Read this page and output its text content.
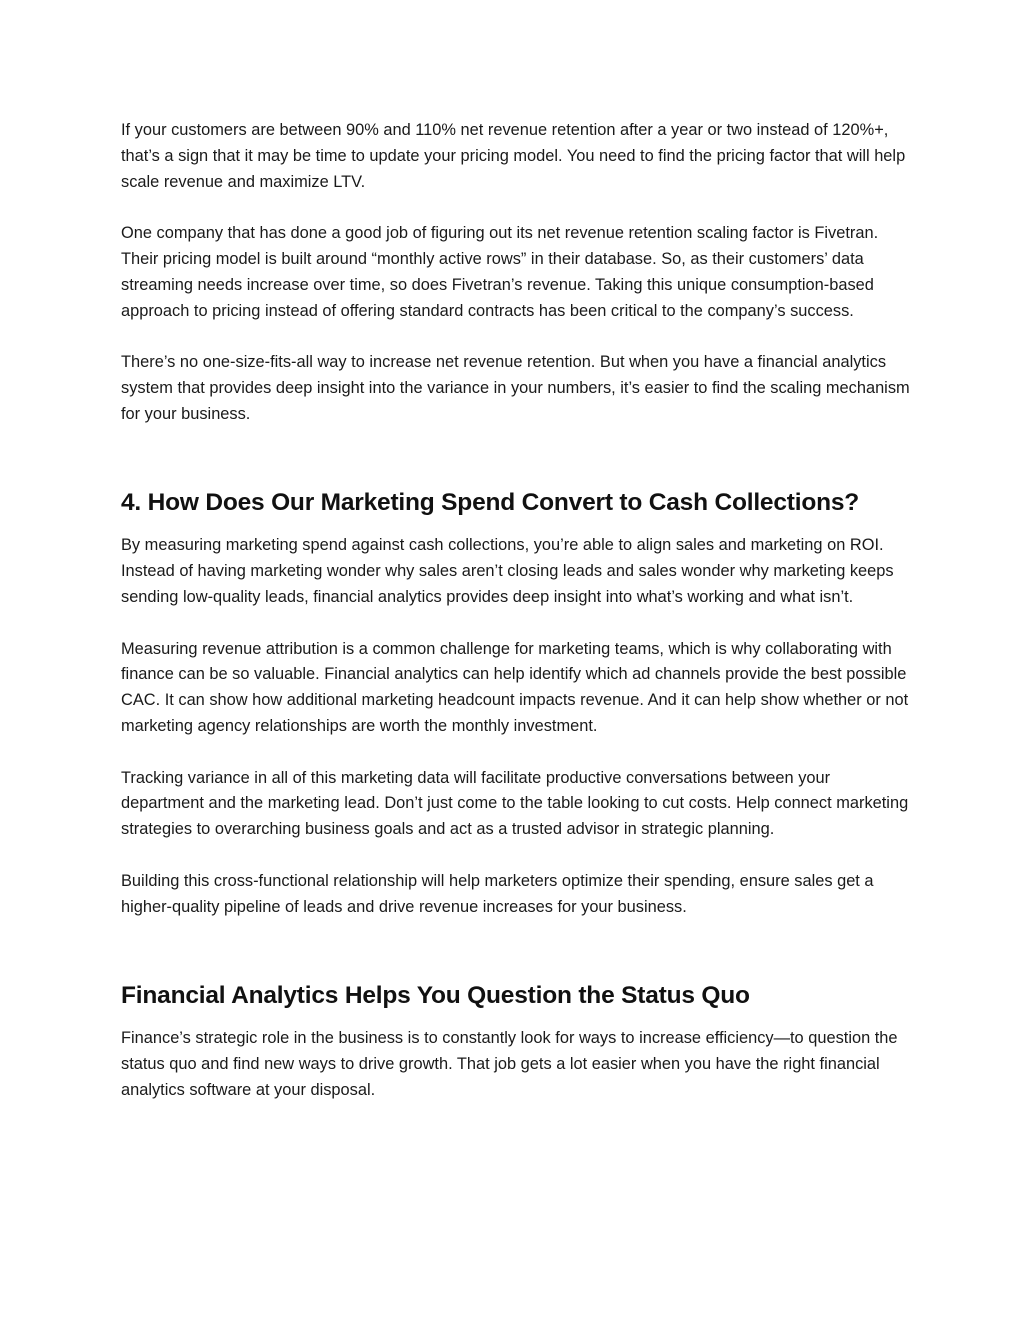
If your customers are between 90% and 110% net revenue retention after a year or two instead of 120%+, that’s a sign that it may be time to update your pricing model. You need to find the pricing factor that will help scale revenue and maximize LTV.

One company that has done a good job of figuring out its net revenue retention scaling factor is Fivetran. Their pricing model is built around “monthly active rows” in their database. So, as their customers’ data streaming needs increase over time, so does Fivetran’s revenue. Taking this unique consumption-based approach to pricing instead of offering standard contracts has been critical to the company’s success.

There’s no one-size-fits-all way to increase net revenue retention. But when you have a financial analytics system that provides deep insight into the variance in your numbers, it’s easier to find the scaling mechanism for your business.

4. How Does Our Marketing Spend Convert to Cash Collections?

By measuring marketing spend against cash collections, you’re able to align sales and marketing on ROI. Instead of having marketing wonder why sales aren’t closing leads and sales wonder why marketing keeps sending low-quality leads, financial analytics provides deep insight into what’s working and what isn’t.

Measuring revenue attribution is a common challenge for marketing teams, which is why collaborating with finance can be so valuable. Financial analytics can help identify which ad channels provide the best possible CAC. It can show how additional marketing headcount impacts revenue. And it can help show whether or not marketing agency relationships are worth the monthly investment.

Tracking variance in all of this marketing data will facilitate productive conversations between your department and the marketing lead. Don’t just come to the table looking to cut costs. Help connect marketing strategies to overarching business goals and act as a trusted advisor in strategic planning.

Building this cross-functional relationship will help marketers optimize their spending, ensure sales get a higher-quality pipeline of leads and drive revenue increases for your business.

Financial Analytics Helps You Question the Status Quo

Finance’s strategic role in the business is to constantly look for ways to increase efficiency—to question the status quo and find new ways to drive growth. That job gets a lot easier when you have the right financial analytics software at your disposal.
